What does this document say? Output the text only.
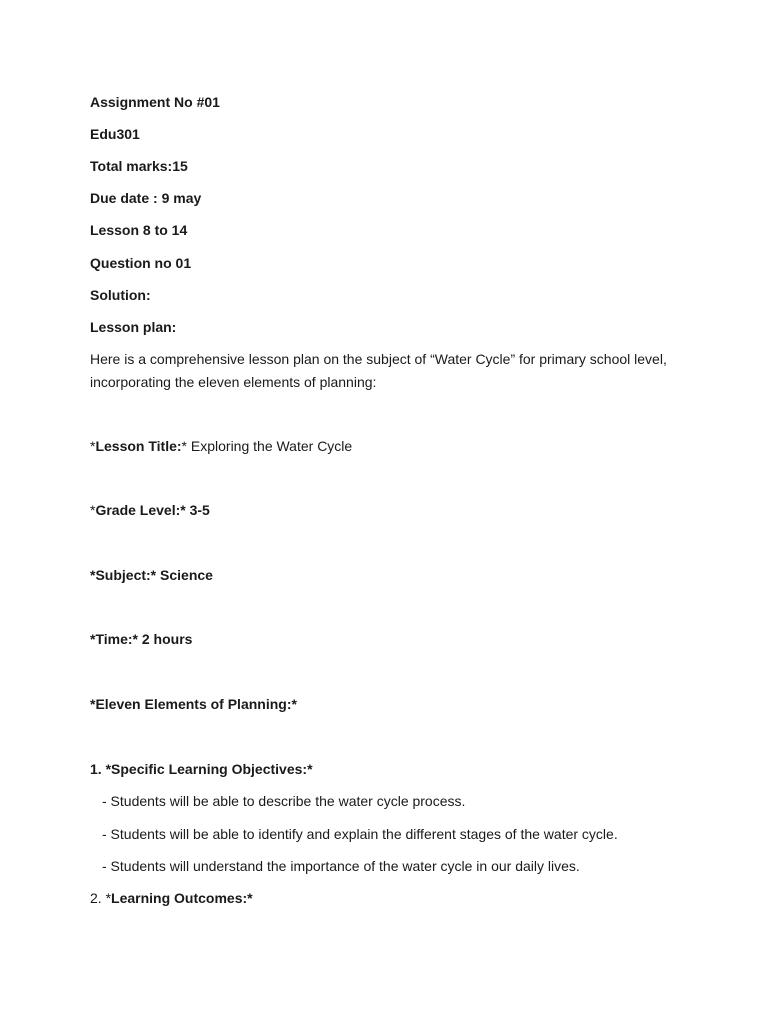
Assignment No #01
Edu301
Total marks:15
Due date : 9 may
Lesson 8 to 14
Question no 01
Solution:
Lesson plan:
Here is a comprehensive lesson plan on the subject of “Water Cycle” for primary school level, incorporating the eleven elements of planning:
*Lesson Title:* Exploring the Water Cycle
*Grade Level:* 3-5
*Subject:* Science
*Time:* 2 hours
*Eleven Elements of Planning:*
1. *Specific Learning Objectives:*
- Students will be able to describe the water cycle process.
- Students will be able to identify and explain the different stages of the water cycle.
- Students will understand the importance of the water cycle in our daily lives.
2. *Learning Outcomes:*
